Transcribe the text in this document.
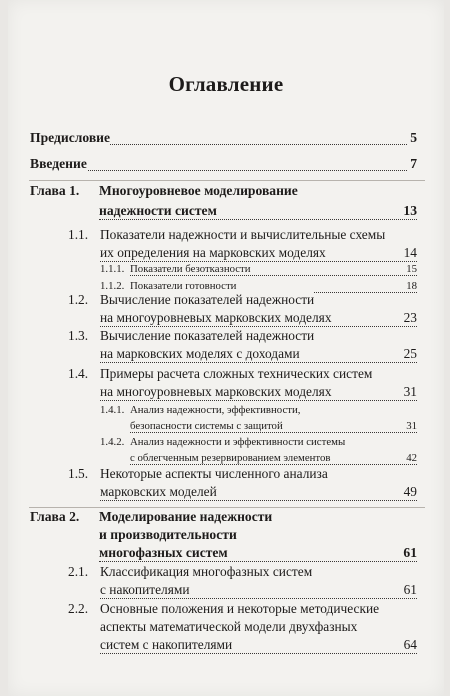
Оглавление
Предисловие	5
Введение	7
Глава 1. Многоуровневое моделирование
надежности систем	13
1.1. Показатели надежности и вычислительные схемы
их определения на марковских моделях	14
1.1.1. Показатели безотказности	15
1.1.2. Показатели готовности	18
1.2. Вычисление показателей надежности
на многоуровневых марковских моделях	23
1.3. Вычисление показателей надежности
на марковских моделях с доходами	25
1.4. Примеры расчета сложных технических систем
на многоуровневых марковских моделях	31
1.4.1. Анализ надежности, эффективности,
безопасности системы с защитой	31
1.4.2. Анализ надежности и эффективности системы
с облегченным резервированием элементов	42
1.5. Некоторые аспекты численного анализа
марковских моделей	49
Глава 2. Моделирование надежности
и производительности
многофазных систем	61
2.1. Классификация многофазных систем
с накопителями	61
2.2. Основные положения и некоторые методические
аспекты математической модели двухфазных
систем с накопителями	64
